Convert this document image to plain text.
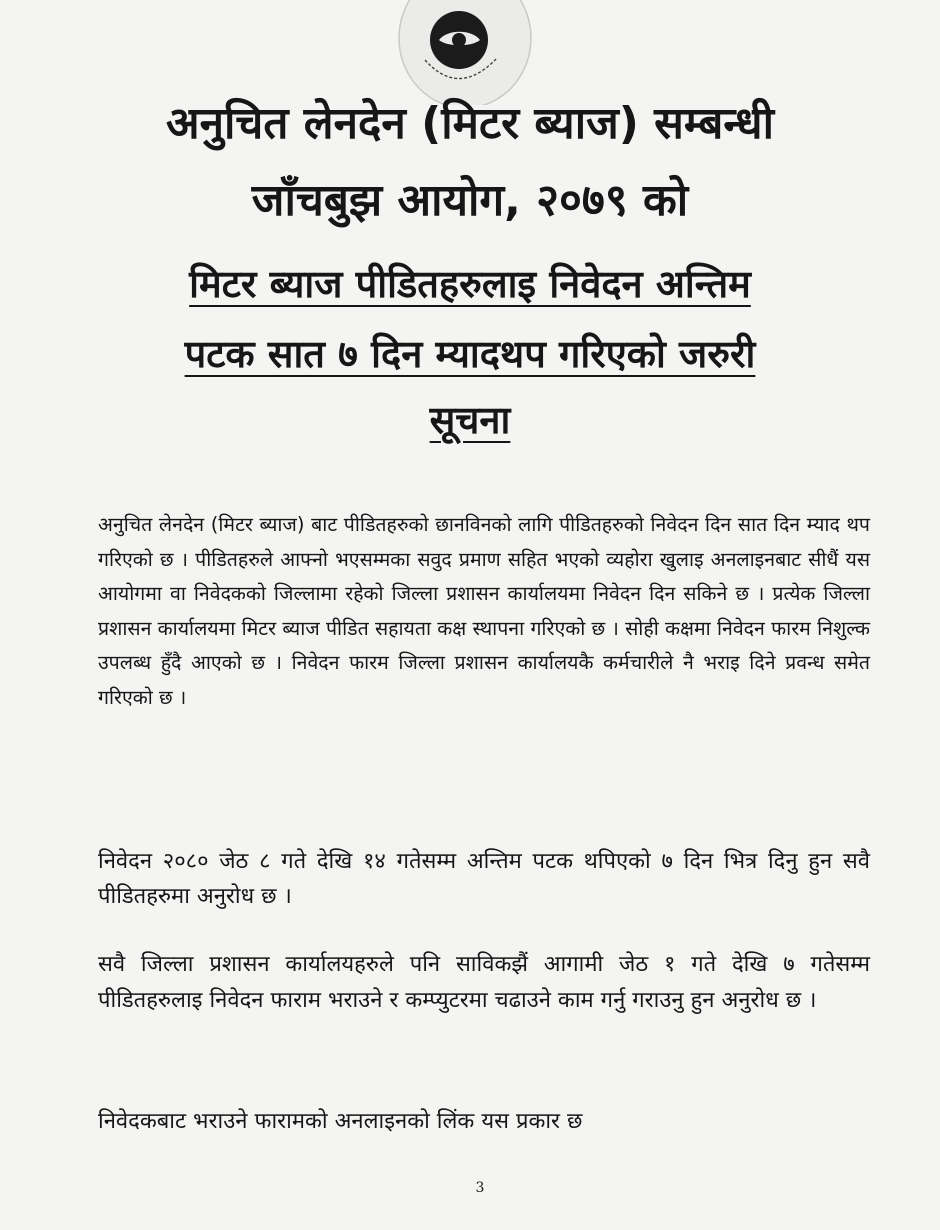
अनुचित लेनदेन (मिटर ब्याज) सम्बन्धी
जाँचबुझ आयोग, २०७९ को
मिटर ब्याज पीडितहरुलाइ निवेदन अन्तिम
पटक सात ७ दिन म्यादथप गरिएको जरुरी
सूचना

अनुचित लेनदेन (मिटर ब्याज) बाट पीडितहरुको छानविनको लागि पीडितहरुको निवेदन दिन सात दिन म्याद थप गरिएको छ । पीडितहरुले आफ्नो भएसम्मका सवुद प्रमाण सहित भएको व्यहोरा खुलाइ अनलाइनबाट सीधैं यस आयोगमा वा निवेदकको जिल्लामा रहेको जिल्ला प्रशासन कार्यालयमा निवेदन दिन सकिने छ । प्रत्येक जिल्ला प्रशासन कार्यालयमा मिटर ब्याज पीडित सहायता कक्ष स्थापना गरिएको छ । सोही कक्षमा निवेदन फारम निशुल्क उपलब्ध हुँदै आएको छ । निवेदन फारम जिल्ला प्रशासन कार्यालयकै कर्मचारीले नै भराइ दिने प्रवन्ध समेत गरिएको छ ।

निवेदन २०८० जेठ ८ गते देखि १४ गतेसम्म अन्तिम पटक थपिएको ७ दिन भित्र दिनु हुन सवै पीडितहरुमा अनुरोध छ ।

सवै जिल्ला प्रशासन कार्यालयहरुले पनि साविकझैं आगामी जेठ १ गते देखि ७ गतेसम्म पीडितहरुलाइ निवेदन फाराम भराउने र कम्प्युटरमा चढाउने काम गर्नु गराउनु हुन अनुरोध छ ।

निवेदकबाट भराउने फारामको अनलाइनको लिंक यस प्रकार छ

3
